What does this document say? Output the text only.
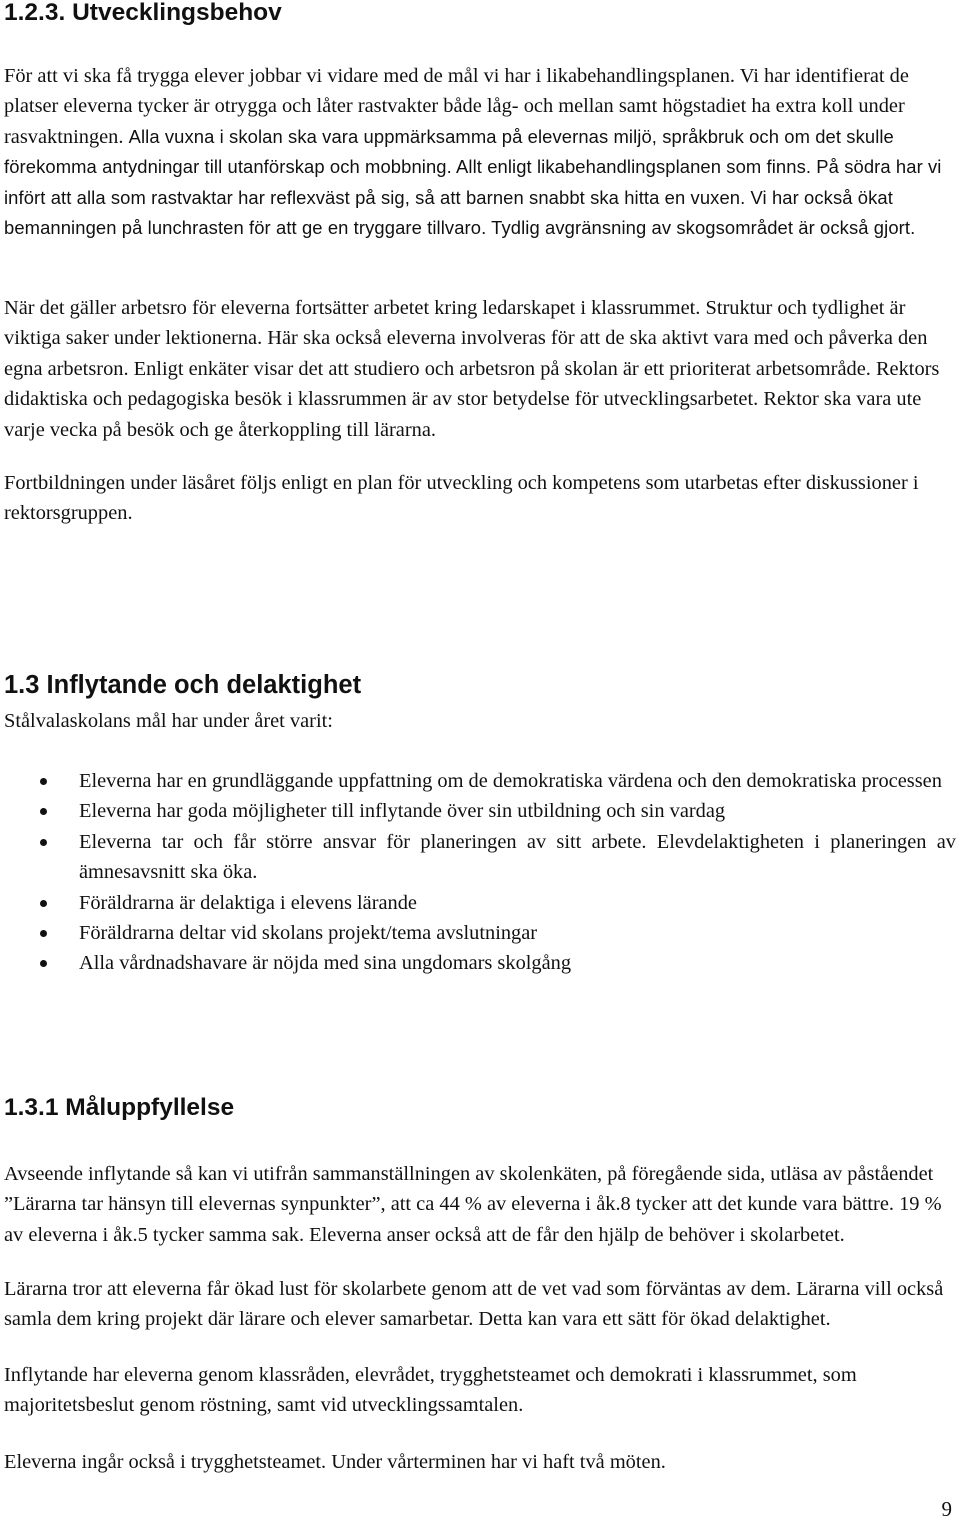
1.2.3. Utvecklingsbehov

För att vi ska få trygga elever jobbar vi vidare med de mål vi har i likabehandlingsplanen. Vi har identifierat de platser eleverna tycker är otrygga och låter rastvakter både låg- och mellan samt högstadiet ha extra koll under rasvaktningen. Alla vuxna i skolan ska vara uppmärksamma på elevernas miljö, språkbruk och om det skulle förekomma antydningar till utanförskap och mobbning. Allt enligt likabehandlingsplanen som finns. På södra har vi infört att alla som rastvaktar har reflexväst på sig, så att barnen snabbt ska hitta en vuxen. Vi har också ökat bemanningen på lunchrasten för att ge en tryggare tillvaro. Tydlig avgränsning av skogsområdet är också gjort.

När det gäller arbetsro för eleverna fortsätter arbetet kring ledarskapet i klassrummet. Struktur och tydlighet är viktiga saker under lektionerna. Här ska också eleverna involveras för att de ska aktivt vara med och påverka den egna arbetsron. Enligt enkäter visar det att studiero och arbetsron på skolan är ett prioriterat arbetsområde. Rektors didaktiska och pedagogiska besök i klassrummen är av stor betydelse för utvecklingsarbetet. Rektor ska vara ute varje vecka på besök och ge återkoppling till lärarna.

Fortbildningen under läsåret följs enligt en plan för utveckling och kompetens som utarbetas efter diskussioner i rektorsgruppen.

1.3 Inflytande och delaktighet

Stålvalaskolans mål har under året varit:

Eleverna har en grundläggande uppfattning om de demokratiska värdena och den demokratiska processen
Eleverna har goda möjligheter till inflytande över sin utbildning och sin vardag
Eleverna tar och får större ansvar för planeringen av sitt arbete. Elevdelaktigheten i planeringen av ämnesavsnitt ska öka.
Föräldrarna är delaktiga i elevens lärande
Föräldrarna deltar vid skolans projekt/tema avslutningar
Alla vårdnadshavare är nöjda med sina ungdomars skolgång
1.3.1 Måluppfyllelse

Avseende inflytande så kan vi utifrån sammanställningen av skolenkäten, på föregående sida, utläsa av påståendet ”Lärarna tar hänsyn till elevernas synpunkter”, att ca 44 % av eleverna i åk.8 tycker att det kunde vara bättre. 19 % av eleverna i åk.5 tycker samma sak. Eleverna anser också att de får den hjälp de behöver i skolarbetet.

Lärarna tror att eleverna får ökad lust för skolarbete genom att de vet vad som förväntas av dem. Lärarna vill också samla dem kring projekt där lärare och elever samarbetar. Detta kan vara ett sätt för ökad delaktighet.

Inflytande har eleverna genom klassråden, elevrådet, trygghetsteamet och demokrati i klassrummet, som majoritetsbeslut genom röstning, samt vid utvecklingssamtalen.

Eleverna ingår också i trygghetsteamet. Under vårterminen har vi haft två möten.

9
